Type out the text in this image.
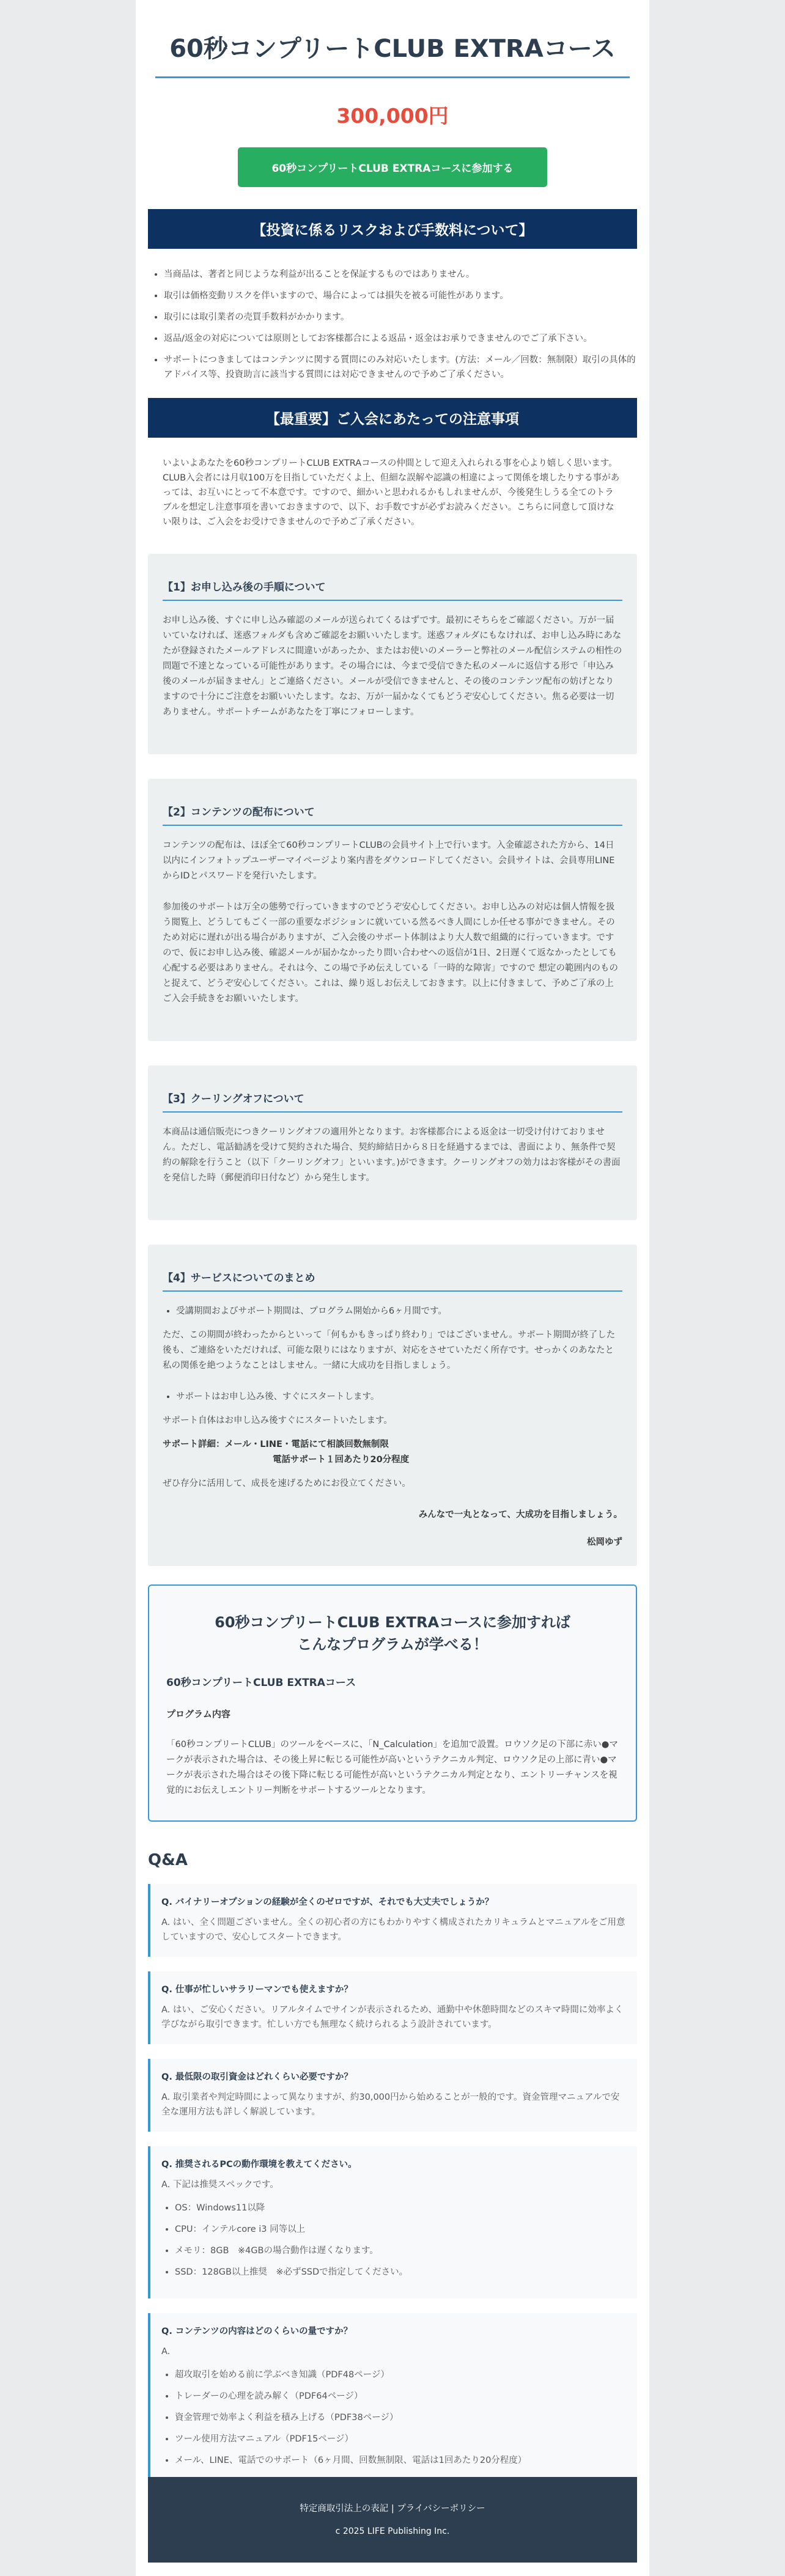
60秒コンプリートCLUB EXTRAコース
300,000円
60秒コンプリートCLUB EXTRAコースに参加する
【投資に係るリスクおよび手数料について】
• 当商品は、著者と同じような利益が出ることを保証するものではありません。
• 取引は価格変動リスクを伴いますので、場合によっては損失を被る可能性があります。
• 取引には取引業者の売買手数料がかかります。
• 返品/返金の対応については原則としてお客様都合による返品・返金はお承りできませんのでご了承下さい。
• サポートにつきましてはコンテンツに関する質問にのみ対応いたします。(方法：メール／回数：無制限）取引の具体的アドバイス等、投資助言に該当する質問には対応できませんので予めご了承ください。
【最重要】ご入会にあたっての注意事項

いよいよあなたを60秒コンプリートCLUB EXTRAコースの仲間として迎え入れられる事を心より嬉しく思います。CLUB入会者には月収100万を目指していただくよ上、但細な誤解や認識の相違によって関係を壊したりする事があっては、お互いにとって不本意です。ですので、細かいと思われるかもしれませんが、今後発生しうる全てのトラブルを想定し注意事項を書いておきますので、以下、お手数ですが必ずお読みください。こちらに同意して頂けない限りは、ご入会をお受けできませんので予めご了承ください。

【1】お申し込み後の手順について

お申し込み後、すぐに申し込み確認のメールが送られてくるはずです。最初にそちらをご確認ください。万が一届いていなければ、迷惑フォルダも含めご確認をお願いいたします。迷惑フォルダにもなければ、お申し込み時にあなたが登録されたメールアドレスに間違いがあったか、またはお使いのメーラーと弊社のメール配信システムの相性の問題で不達となっている可能性があります。その場合には、今まで受信できた私のメールに返信する形で「申込み後のメールが届きません」とご連絡ください。メールが受信できませんと、その後のコンテンツ配布の妨げとなりますので十分にご注意をお願いいたします。なお、万が一届かなくてもどうぞ安心してください。焦る必要は一切ありません。サポートチームがあなたを丁寧にフォローします。

【2】コンテンツの配布について

コンテンツの配布は、ほぼ全て60秒コンプリートCLUBの会員サイト上で行います。入金確認された方から、14日以内にインフォトップユーザーマイページより案内書をダウンロードしてください。会員サイトは、会員専用LINEからIDとパスワードを発行いたします。

参加後のサポートは万全の態勢で行っていきますのでどうぞ安心してください。お申し込みの対応は個人情報を扱う閲覧上、どうしてもごく一部の重要なポジションに就いている然るべき人間にしか任せる事ができません。そのため対応に遅れが出る場合がありますが、ご入会後のサポート体制はより大人数で組織的に行っていきます。ですので、仮にお申し込み後、確認メールが届かなかったり問い合わせへの返信が1日、2日遅くて返なかったとしても心配する必要はありません。それは今、この場で予め伝えしている「一時的な障害」ですので 想定の範囲内のものと捉えて、どうぞ安心してください。これは、繰り返しお伝えしておきます。以上に付きまして、予めご了承の上ご入会手続きをお願いいたします。

【3】クーリングオフについて

本商品は通信販売につきクーリングオフの適用外となります。お客様都合による返金は一切受け付けておりません。ただし、電話勧誘を受けて契約された場合、契約締結日から８日を経過するまでは、書面により、無条件で契約の解除を行うこと（以下「クーリングオフ」といいます。)ができます。クーリングオフの効力はお客様がその書面を発信した時（郵便消印日付など）から発生します。

【4】サービスについてのまとめ
• 受講期間およびサポート期間は、プログラム開始から6ヶ月間です。

ただ、この期間が終わったからといって「何もかもきっぱり終わり」ではございません。サポート期間が終了した後も、ご連絡をいただければ、可能な限りにはなりますが、対応をさせていただく所存です。せっかくのあなたと私の関係を絶つようなことはしません。一緒に大成功を目指しましょう。

• サポートはお申し込み後、すぐにスタートします。

サポート自体はお申し込み後すぐにスタートいたします。

サポート詳細：メール・LINE・電話にて相談回数無制限
電話サポート１回あたり20分程度

ぜひ存分に活用して、成長を速げるためにお役立てください。

みんなで一丸となって、大成功を目指しましょう。
松岡ゆず
60秒コンプリートCLUB EXTRAコースに参加すれば
こんなプログラムが学べる！
60秒コンプリートCLUB EXTRAコース
プログラム内容

「60秒コンプリートCLUB」のツールをベースに、「N_Calculation」を追加で設置。ロウソク足の下部に赤い●マークが表示された場合は、その後上昇に転じる可能性が高いというテクニカル判定、ロウソク足の上部に青い●マークが表示された場合はその後下降に転じる可能性が高いというテクニカル判定となり、エントリーチャンスを視覚的にお伝えしエントリー判断をサポートするツールとなります。

Q&A
Q. バイナリーオプションの経験が全くのゼロですが、それでも大丈夫でしょうか？
A. はい、全く問題ございません。全くの初心者の方にもわかりやすく構成されたカリキュラムとマニュアルをご用意していますので、安心してスタートできます。
Q. 仕事が忙しいサラリーマンでも使えますか？
A. はい、ご安心ください。リアルタイムでサインが表示されるため、通勤中や休憩時間などのスキマ時間に効率よく学びながら取引できます。忙しい方でも無理なく続けられるよう設計されています。
Q. 最低限の取引資金はどれくらい必要ですか？
A. 取引業者や判定時間によって異なりますが、約30,000円から始めることが一般的です。資金管理マニュアルで安全な運用方法も詳しく解説しています。
Q. 推奨されるPCの動作環境を教えてください。
A. 下記は推奨スペックです。
• OS：Windows11以降
• CPU：インテルcore i3 同等以上
• メモリ：8GB　※4GBの場合動作は遅くなります。
• SSD：128GB以上推奨　※必ずSSDで指定してください。
Q. コンテンツの内容はどのくらいの量ですか？
A.
• 超攻取引を始める前に学ぶべき知識（PDF48ページ）
• トレーダーの心理を読み解く（PDF64ページ）
• 資金管理で効率よく利益を積み上げる（PDF38ページ）
• ツール使用方法マニュアル（PDF15ページ）
• メール、LINE、電話でのサポート（6ヶ月間、回数無制限、電話は1回あたり20分程度）
特定商取引法上の表記 | プライバシーポリシー
c 2025 LIFE Publishing Inc.
